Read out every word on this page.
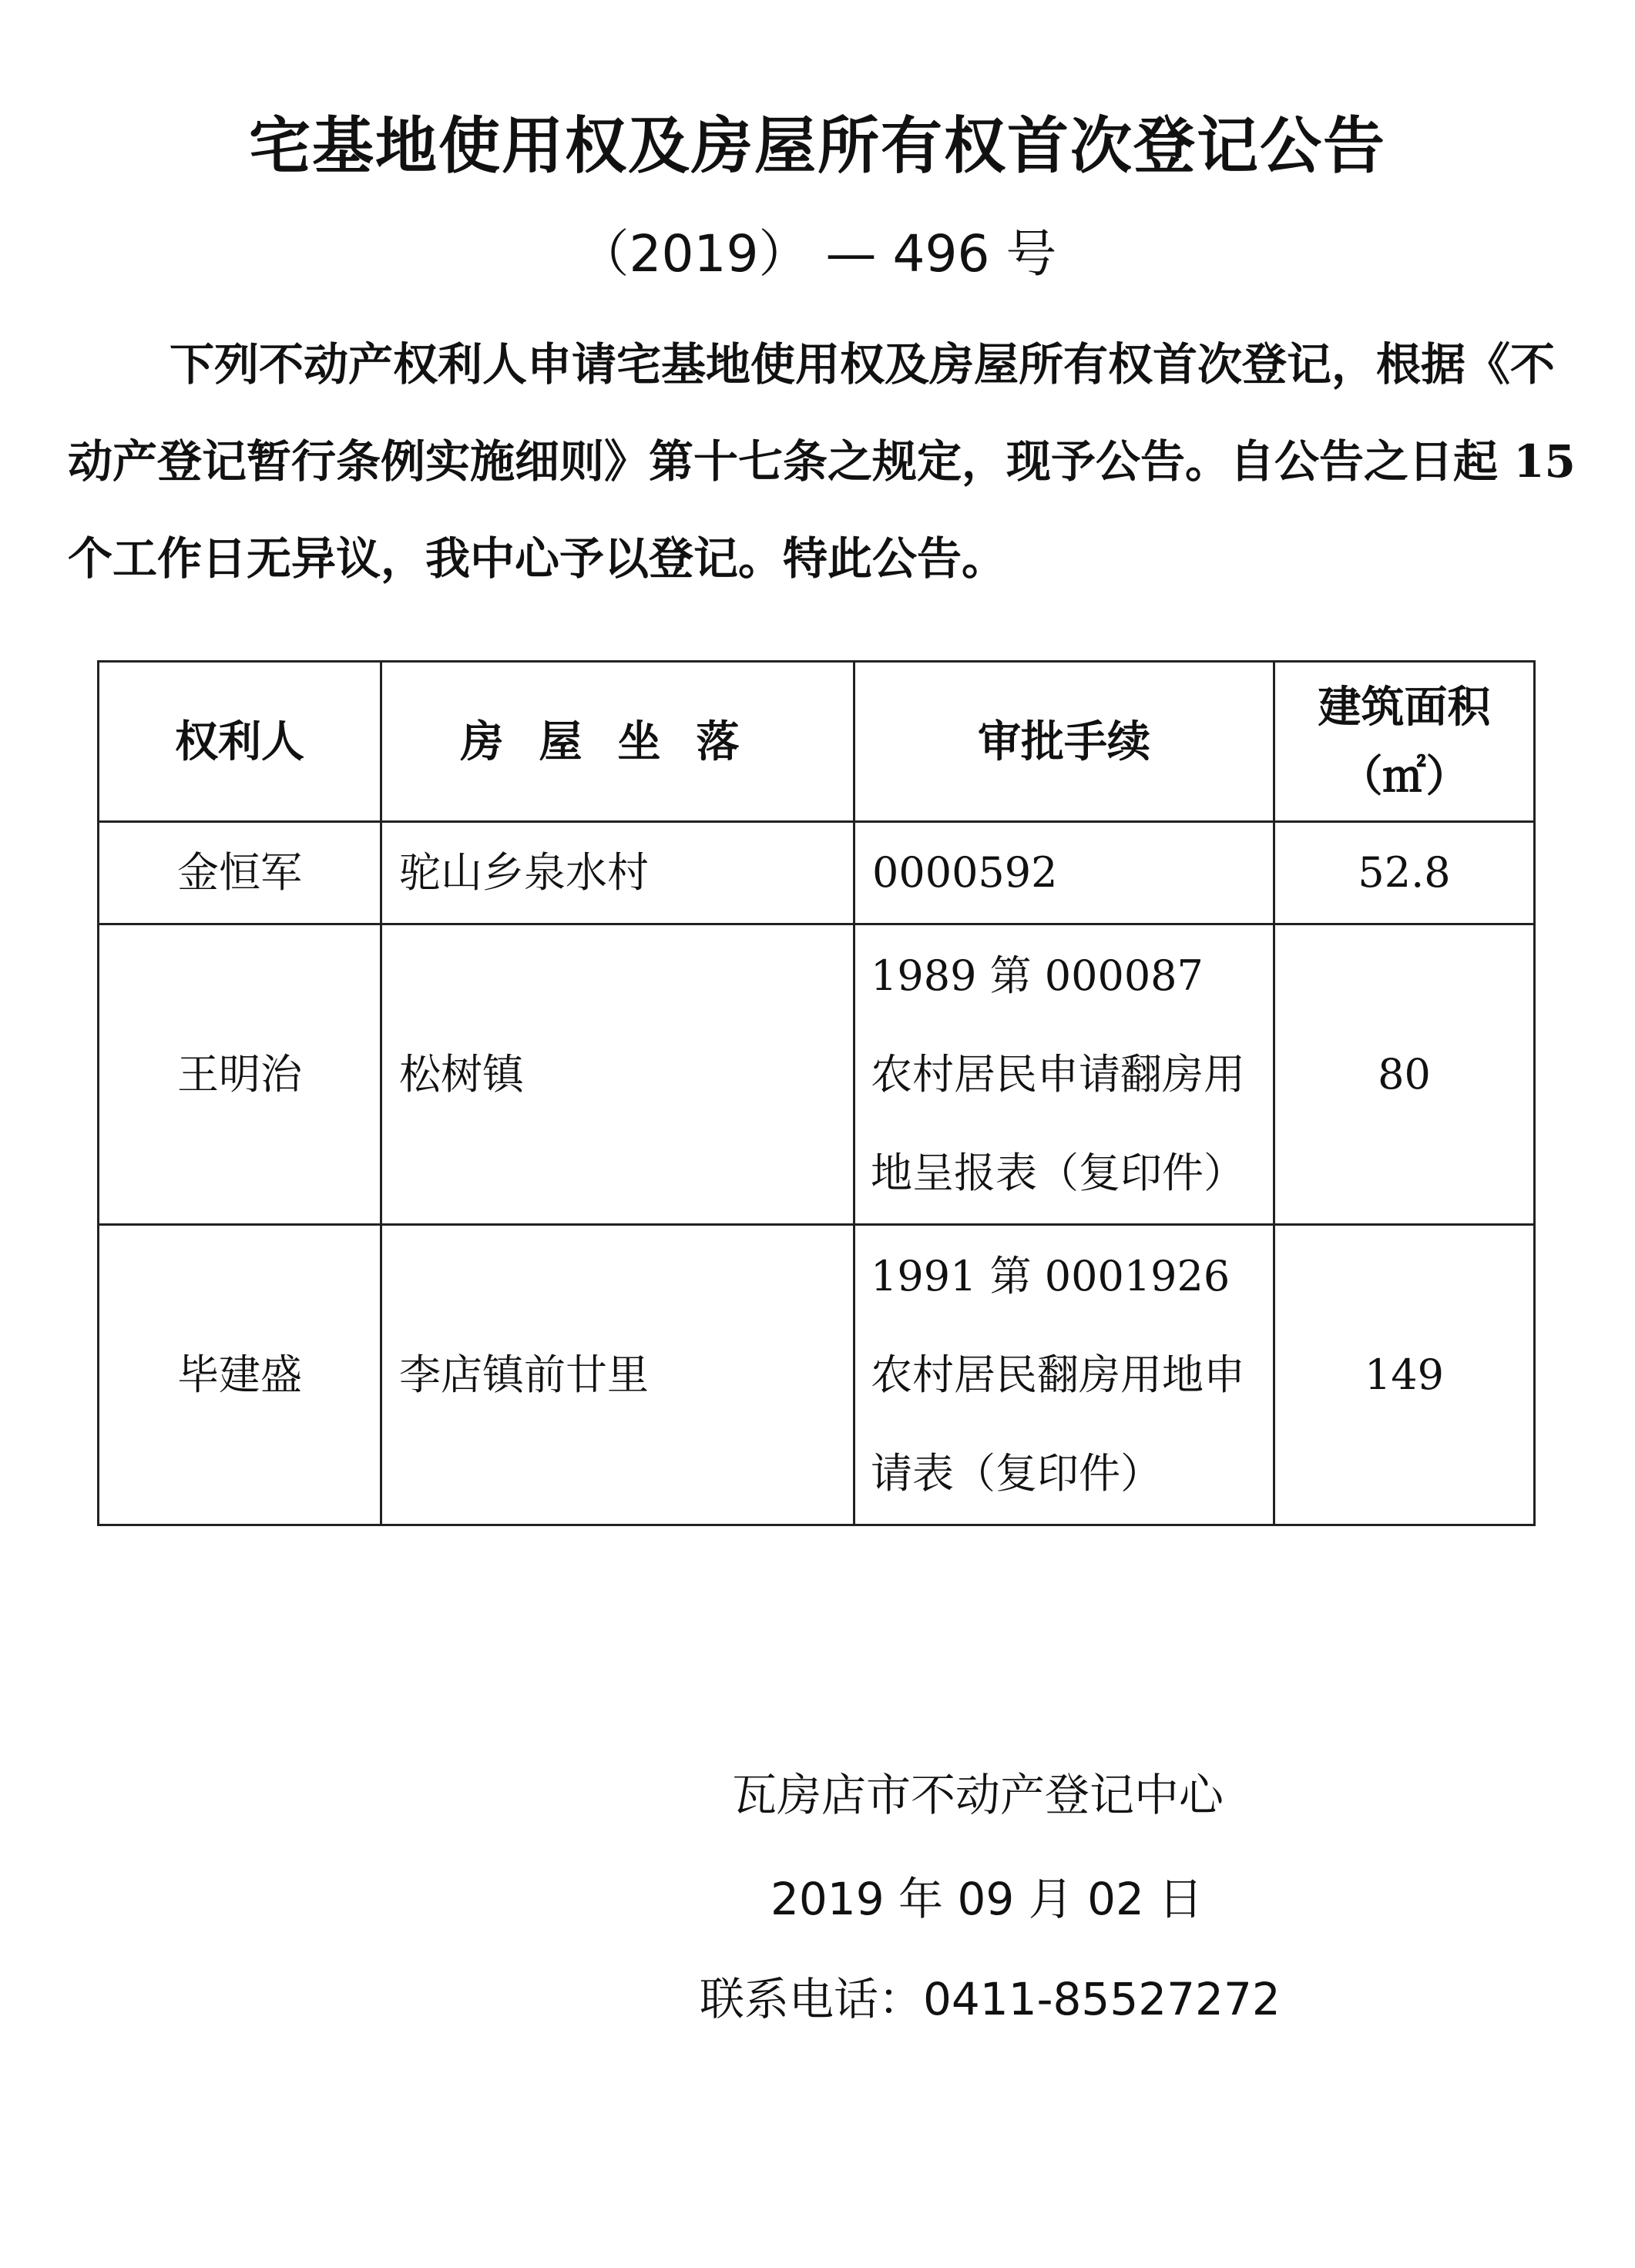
宅基地使用权及房屋所有权首次登记公告
（2019） — 496 号
下列不动产权利人申请宅基地使用权及房屋所有权首次登记，根据《不动产登记暂行条例实施细则》第十七条之规定，现予公告。自公告之日起 15 个工作日无异议，我中心予以登记。特此公告。
权利人	房屋坐落	审批手续	建筑面积（㎡）
金恒军	驼山乡泉水村	0000592	52.8
王明治	松树镇	1989 第 000087 农村居民申请翻房用地呈报表（复印件）	80
毕建盛	李店镇前廿里	1991 第 0001926 农村居民翻房用地申请表（复印件）	149
瓦房店市不动产登记中心
2019 年 09 月 02 日
联系电话：0411-85527272
